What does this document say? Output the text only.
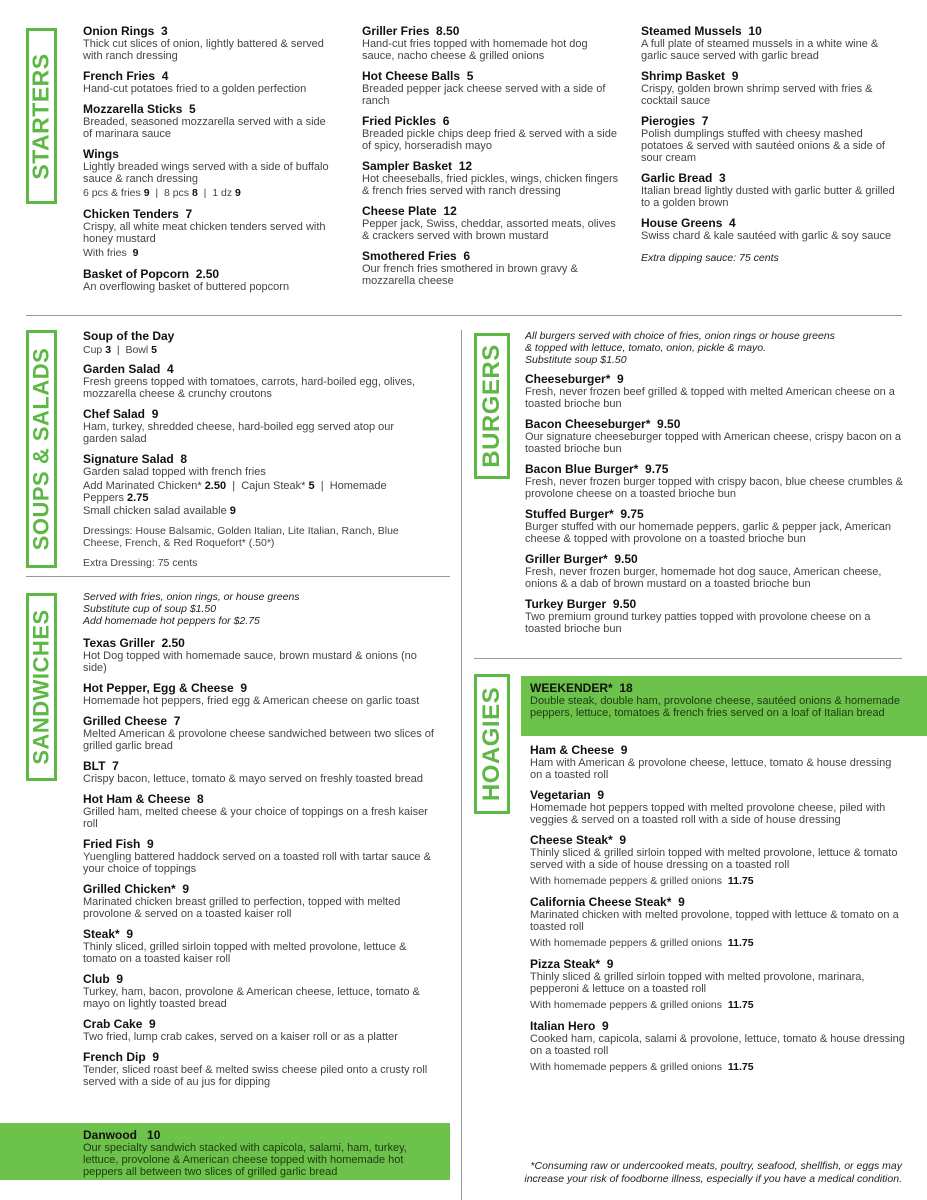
STARTERS
Onion Rings 3
Thick cut slices of onion, lightly battered & served with ranch dressing
French Fries 4
Hand-cut potatoes fried to a golden perfection
Mozzarella Sticks 5
Breaded, seasoned mozzarella served with a side of marinara sauce
Wings
Lightly breaded wings served with a side of buffalo sauce & ranch dressing
6 pcs & fries 9  |  8 pcs 8  |  1 dz 9
Chicken Tenders 7
Crispy, all white meat chicken tenders served with honey mustard
With fries 9
Basket of Popcorn 2.50
An overflowing basket of buttered popcorn
Griller Fries 8.50
Hand-cut fries topped with homemade hot dog sauce, nacho cheese & grilled onions
Hot Cheese Balls 5
Breaded pepper jack cheese served with a side of ranch
Fried Pickles 6
Breaded pickle chips deep fried & served with a side of spicy, horseradish mayo
Sampler Basket 12
Hot cheeseballs, fried pickles, wings, chicken fingers & french fries served with ranch dressing
Cheese Plate 12
Pepper jack, Swiss, cheddar, assorted meats, olives & crackers served with brown mustard
Smothered Fries 6
Our french fries smothered in brown gravy & mozzarella cheese
Steamed Mussels 10
A full plate of steamed mussels in a white wine & garlic sauce served with garlic bread
Shrimp Basket 9
Crispy, golden brown shrimp served with fries & cocktail sauce
Pierogies 7
Polish dumplings stuffed with cheesy mashed potatoes & served with sautéed onions & a side of sour cream
Garlic Bread 3
Italian bread lightly dusted with garlic butter & grilled to a golden brown
House Greens 4
Swiss chard & kale sautéed with garlic & soy sauce
Extra dipping sauce: 75 cents
SOUPS & SALADS
Soup of the Day
Cup 3  |  Bowl 5
Garden Salad 4
Fresh greens topped with tomatoes, carrots, hard-boiled egg, olives, mozzarella cheese & crunchy croutons
Chef Salad 9
Ham, turkey, shredded cheese, hard-boiled egg served atop our garden salad
Signature Salad 8
Garden salad topped with french fries
Add Marinated Chicken* 2.50  |  Cajun Steak* 5  |  Homemade Peppers 2.75
Small chicken salad available 9
Dressings: House Balsamic, Golden Italian, Lite Italian, Ranch, Blue Cheese, French, & Red Roquefort* (.50*)
Extra Dressing: 75 cents
SANDWICHES
Served with fries, onion rings, or house greens
Substitute cup of soup $1.50
Add homemade hot peppers for $2.75
Texas Griller 2.50
Hot Dog topped with homemade sauce, brown mustard & onions (no side)
Hot Pepper, Egg & Cheese 9
Homemade hot peppers, fried egg & American cheese on garlic toast
Grilled Cheese 7
Melted American & provolone cheese sandwiched between two slices of grilled garlic bread
BLT 7
Crispy bacon, lettuce, tomato & mayo served on freshly toasted bread
Hot Ham & Cheese 8
Grilled ham, melted cheese & your choice of toppings on a fresh kaiser roll
Fried Fish 9
Yuengling battered haddock served on a toasted roll with tartar sauce & your choice of toppings
Grilled Chicken* 9
Marinated chicken breast grilled to perfection, topped with melted provolone & served on a toasted kaiser roll
Steak* 9
Thinly sliced, grilled sirloin topped with melted provolone, lettuce & tomato on a toasted kaiser roll
Club 9
Turkey, ham, bacon, provolone & American cheese, lettuce, tomato & mayo on lightly toasted bread
Crab Cake 9
Two fried, lump crab cakes, served on a kaiser roll or as a platter
French Dip 9
Tender, sliced roast beef & melted swiss cheese piled onto a crusty roll served with a side of au jus for dipping
Danwood 10
Our specialty sandwich stacked with capicola, salami, ham, turkey, lettuce, provolone & American cheese topped with homemade hot peppers all between two slices of grilled garlic bread
BURGERS
All burgers served with choice of fries, onion rings or house greens
& topped with lettuce, tomato, onion, pickle & mayo.
Substitute soup $1.50
Cheeseburger* 9
Fresh, never frozen beef grilled & topped with melted American cheese on a toasted brioche bun
Bacon Cheeseburger* 9.50
Our signature cheeseburger topped with American cheese, crispy bacon on a toasted brioche bun
Bacon Blue Burger* 9.75
Fresh, never frozen burger topped with crispy bacon, blue cheese crumbles & provolone cheese on a toasted brioche bun
Stuffed Burger* 9.75
Burger stuffed with our homemade peppers, garlic & pepper jack, American cheese & topped with provolone on a toasted brioche bun
Griller Burger* 9.50
Fresh, never frozen burger, homemade hot dog sauce, American cheese, onions & a dab of brown mustard on a toasted brioche bun
Turkey Burger 9.50
Two premium ground turkey patties topped with provolone cheese on a toasted brioche bun
HOAGIES WEEKENDER* 18
Double steak, double ham, provolone cheese, sautéed onions & homemade peppers, lettuce, tomatoes & french fries served on a loaf of Italian bread
Ham & Cheese 9
Ham with American & provolone cheese, lettuce, tomato & house dressing on a toasted roll
Vegetarian 9
Homemade hot peppers topped with melted provolone cheese, piled with veggies & served on a toasted roll with a side of house dressing
Cheese Steak* 9
Thinly sliced & grilled sirloin topped with melted provolone, lettuce & tomato served with a side of house dressing on a toasted roll
With homemade peppers & grilled onions 11.75
California Cheese Steak* 9
Marinated chicken with melted provolone, topped with lettuce & tomato on a toasted roll
With homemade peppers & grilled onions 11.75
Pizza Steak* 9
Thinly sliced & grilled sirloin topped with melted provolone, marinara, pepperoni & lettuce on a toasted roll
With homemade peppers & grilled onions 11.75
Italian Hero 9
Cooked ham, capicola, salami & provolone, lettuce, tomato & house dressing on a toasted roll
With homemade peppers & grilled onions 11.75
*Consuming raw or undercooked meats, poultry, seafood, shellfish, or eggs may
increase your risk of foodborne illness, especially if you have a medical condition.
